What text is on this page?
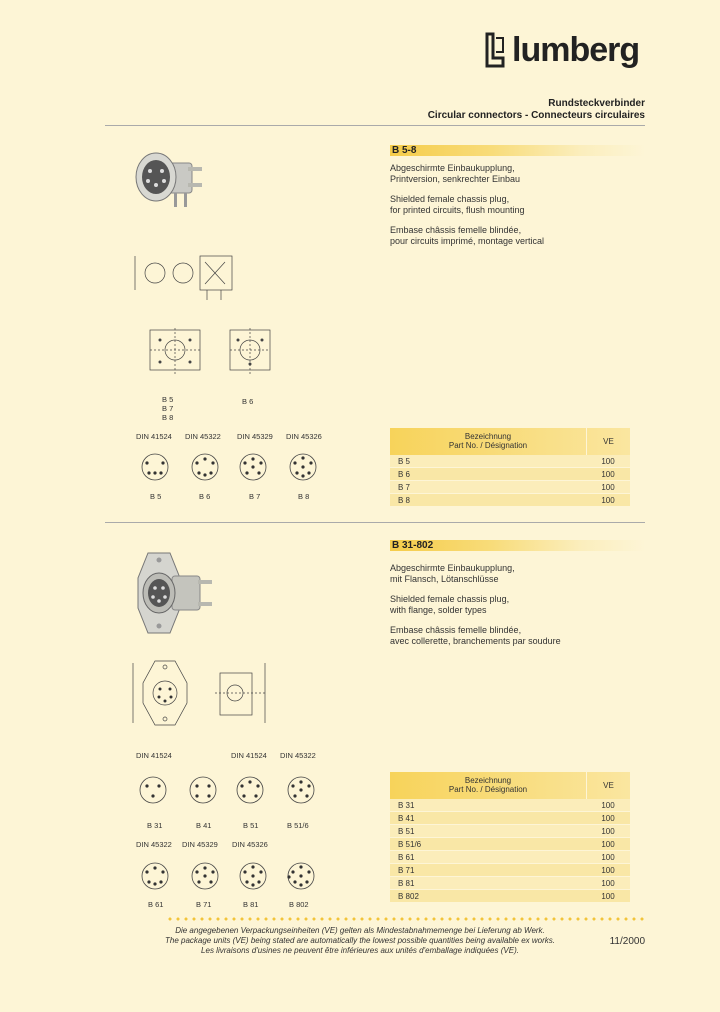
lumberg
Rundsteckverbinder
Circular connectors - Connecteurs circulaires
B 5-8

Abgeschirmte Einbaukupplung,
Printversion, senkrechter Einbau

Shielded female chassis plug,
for printed circuits, flush mounting

Embase châssis femelle blindée,
pour circuits imprimé, montage vertical

B 5
B 7
B 8
B 6
DIN 41524 DIN 45322 DIN 45329 DIN 45326
B 5	B 6	B 7	B 8
Bezeichnung
Part No. / Désignation	VE
B 5	100
B 6	100
B 7	100
B 8	100
B 31-802

Abgeschirmte Einbaukupplung,
mit Flansch, Lötanschlüsse

Shielded female chassis plug,
with flange, solder types

Embase châssis femelle blindée,
avec collerette, branchements par soudure

DIN 41524	DIN 41524 DIN 45322
B 31	B 41	B 51	B 51/6
DIN 45322 DIN 45329 DIN 45326
B 61	B 71	B 81	B 802
Bezeichnung
Part No. / Désignation	VE
B 31	100
B 41	100
B 51	100
B 51/6	100
B 61	100
B 71	100
B 81	100
B 802	100
Die angegebenen Verpackungseinheiten (VE) gelten als Mindestabnahmemenge bei Lieferung ab Werk.
The package units (VE) being stated are automatically the lowest possible quantities being available ex works.
Les livraisons d'usines ne peuvent être inférieures aux unités d'emballage indiquées (VE).
11/2000
